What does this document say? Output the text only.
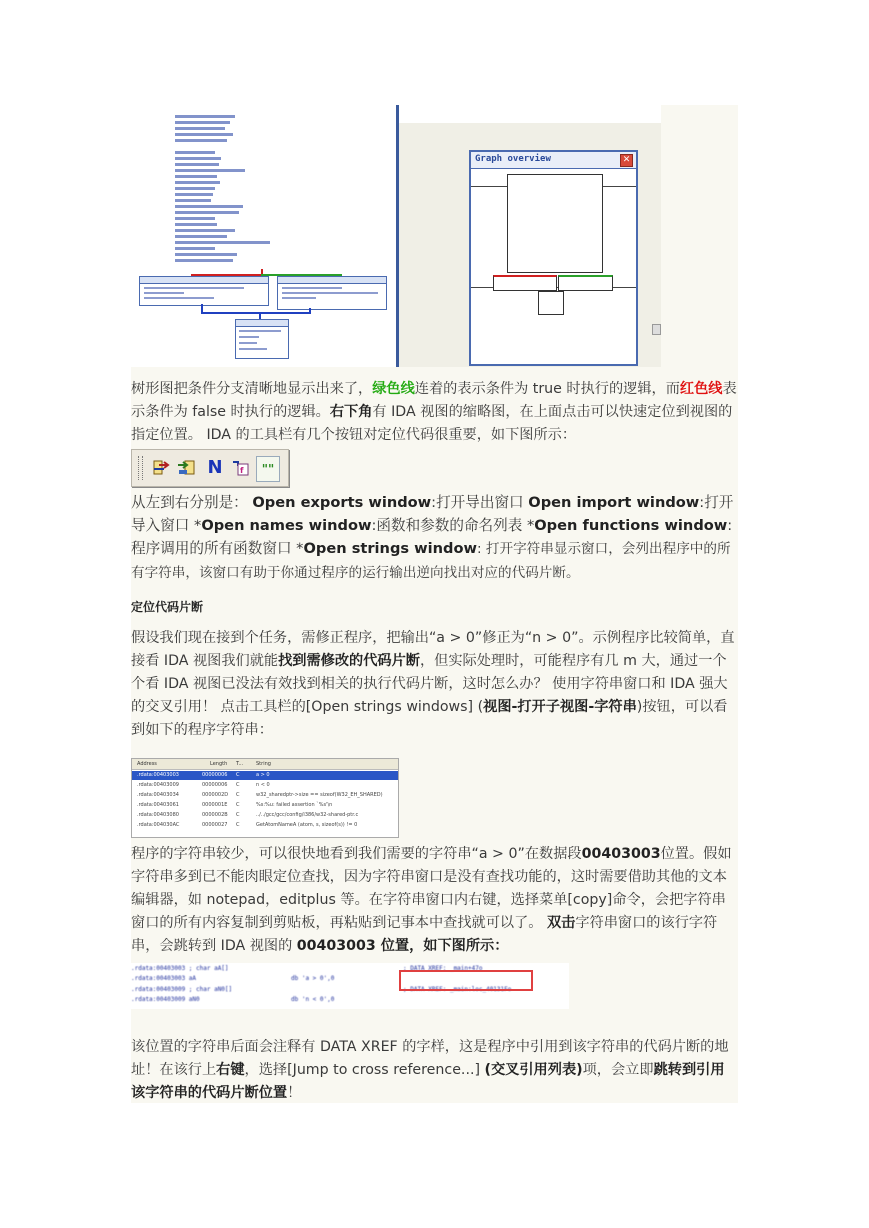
Graph overview	✕
树形图把条件分支清晰地显示出来了，绿色线连着的表示条件为 true 时执行的逻辑，而红色线表示条件为 false 时执行的逻辑。右下角有 IDA 视图的缩略图，在上面点击可以快速定位到视图的指定位置。 IDA 的工具栏有几个按钮对定位代码很重要，如下图所示：
N	f	""
从左到右分别是： Open exports window:打开导出窗口 Open import window:打开导入窗口 *Open names window:函数和参数的命名列表 *Open functions window:程序调用的所有函数窗口 *Open strings window: 打开字符串显示窗口，会列出程序中的所有字符串，该窗口有助于你通过程序的运行输出逆向找出对应的代码片断。
定位代码片断
假设我们现在接到个任务，需修正程序，把输出“a > 0”修正为“n > 0”。示例程序比较简单，直接看 IDA 视图我们就能找到需修改的代码片断，但实际处理时，可能程序有几 m 大，通过一个个看 IDA 视图已没法有效找到相关的执行代码片断，这时怎么办？ 使用字符串窗口和 IDA 强大的交叉引用！ 点击工具栏的[Open strings windows] (视图-打开子视图-字符串)按钮，可以看到如下的程序字符串：
Address	Length T...	String
.rdata:00403003	00000006 C	a > 0
.rdata:00403009	00000006 C	n < 0
.rdata:00403034	0000002D C	w32_sharedptr->size == sizeof(W32_EH_SHARED)
.rdata:00403061	0000001E C	%s:%u: failed assertion `%s'\n
.rdata:00403080	0000002B C	../../gcc/gcc/config/i386/w32-shared-ptr.c
.rdata:004030AC	00000027 C	GetAtomNameA (atom, s, sizeof(s)) != 0
程序的字符串较少，可以很快地看到我们需要的字符串“a > 0”在数据段00403003位置。假如字符串多到已不能肉眼定位查找，因为字符串窗口是没有查找功能的，这时需要借助其他的文本编辑器，如 notepad，editplus 等。在字符串窗口内右键，选择菜单[copy]命令，会把字符串窗口的所有内容复制到剪贴板，再粘贴到记事本中查找就可以了。 双击字符串窗口的该行字符串，会跳转到 IDA 视图的 00403003 位置，如下图所示：
.rdata:00403003 ; char aA[]	; DATA XREF: _main+47o
.rdata:00403003 aA	db 'a > 0',0
.rdata:00403009 ; char aN0[]	; DATA XREF: _main:loc_40131Fo
.rdata:00403009 aN0	db 'n < 0',0
该位置的字符串后面会注释有 DATA XREF 的字样，这是程序中引用到该字符串的代码片断的地址！在该行上右键，选择[Jump to cross reference...] (交叉引用列表)项，会立即跳转到引用该字符串的代码片断位置！
